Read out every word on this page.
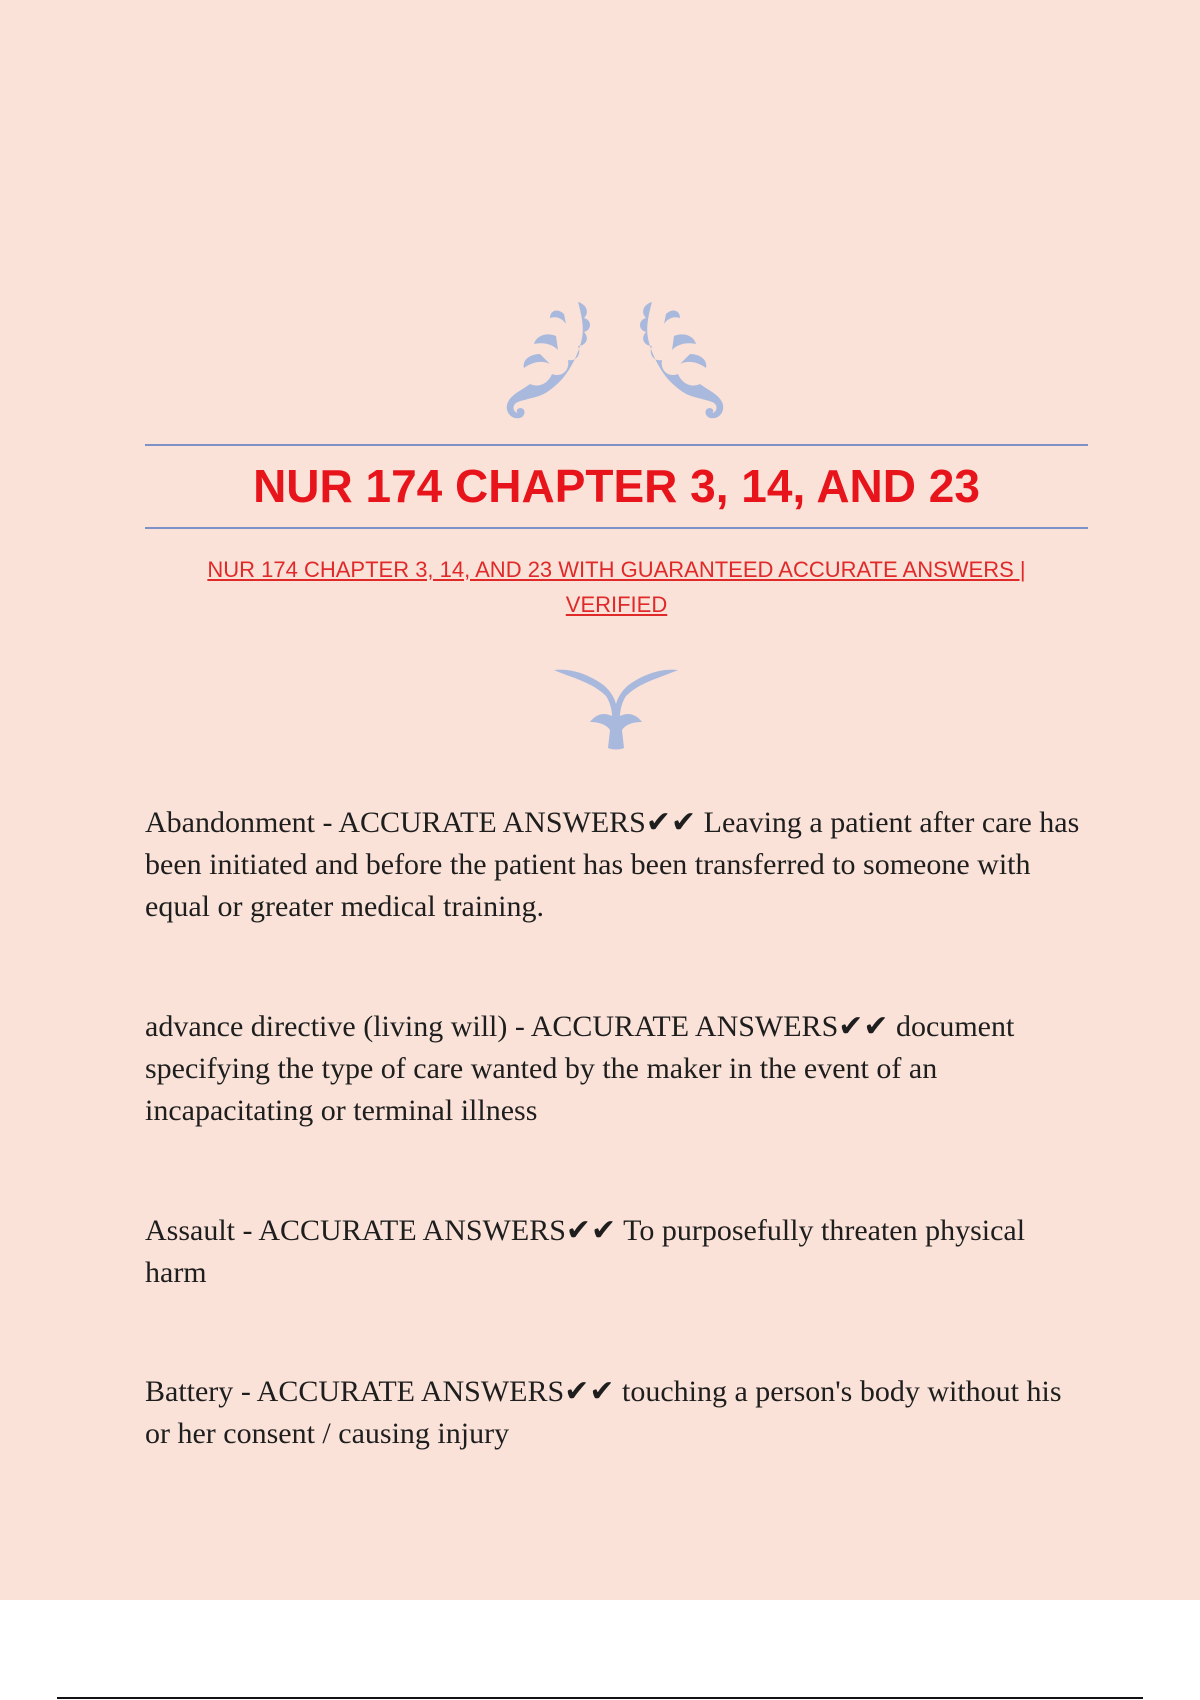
NUR 174 CHAPTER 3, 14, AND 23

NUR 174 CHAPTER 3, 14, AND 23 WITH GUARANTEED ACCURATE ANSWERS | VERIFIED

Abandonment - ACCURATE ANSWERS✔✔ Leaving a patient after care has been initiated and before the patient has been transferred to someone with equal or greater medical training.

advance directive (living will) - ACCURATE ANSWERS✔✔ document specifying the type of care wanted by the maker in the event of an incapacitating or terminal illness

Assault - ACCURATE ANSWERS✔✔ To purposefully threaten physical harm

Battery - ACCURATE ANSWERS✔✔ touching a person's body without his or her consent / causing injury
